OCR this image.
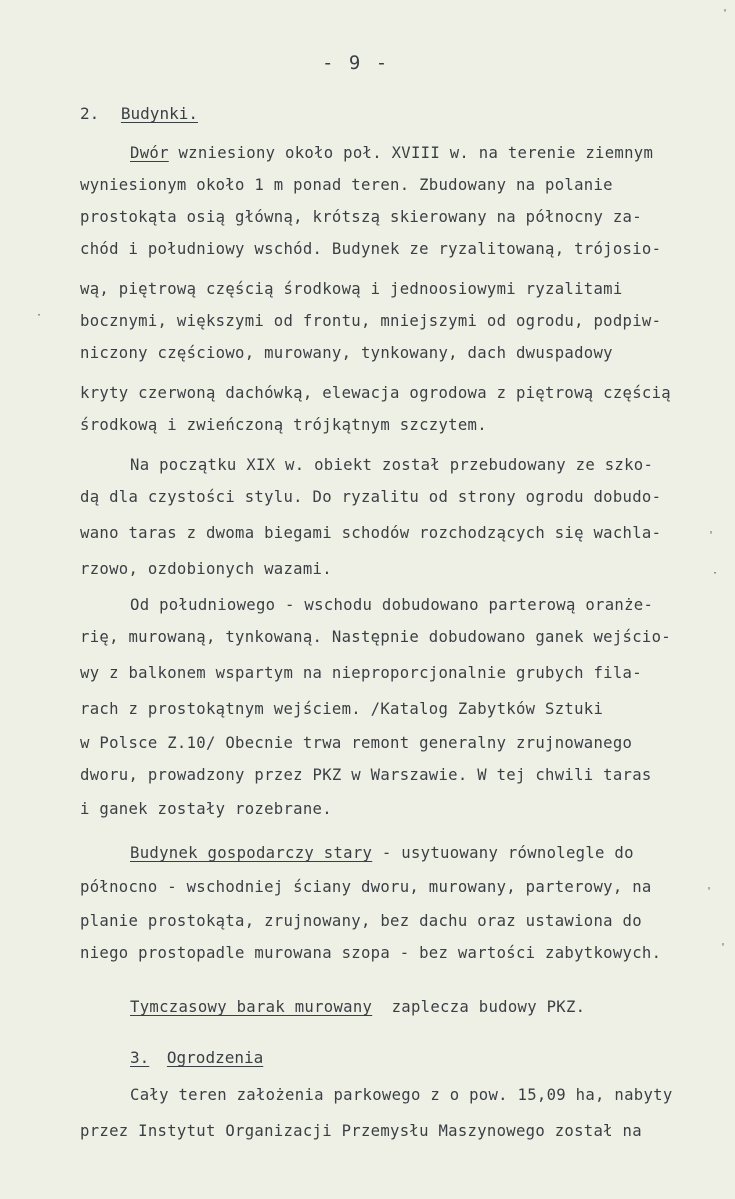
- 9 -
2. Budynki.
Dwór wzniesiony około poł. XVIII w. na terenie ziemnym
wyniesionym około 1 m ponad teren. Zbudowany na polanie
prostokąta osią główną, krótszą skierowany na północny za-
chód i południowy wschód. Budynek ze ryzalitowaną, trójosio-
wą, piętrową częścią środkową i jednoosiowymi ryzalitami
bocznymi, większymi od frontu, mniejszymi od ogrodu, podpiw-
niczony częściowo, murowany, tynkowany, dach dwuspadowy
kryty czerwoną dachówką, elewacja ogrodowa z piętrową częścią
środkową i zwieńczoną trójkątnym szczytem.
Na początku XIX w. obiekt został przebudowany ze szko-
dą dla czystości stylu. Do ryzalitu od strony ogrodu dobudo-
wano taras z dwoma biegami schodów rozchodzących się wachla-
rzowo, ozdobionych wazami.
Od południowego - wschodu dobudowano parterową oranże-
rię, murowaną, tynkowaną. Następnie dobudowano ganek wejścio-
wy z balkonem wspartym na nieproporcjonalnie grubych fila-
rach z prostokątnym wejściem. /Katalog Zabytków Sztuki
w Polsce Z.10/ Obecnie trwa remont generalny zrujnowanego
dworu, prowadzony przez PKZ w Warszawie. W tej chwili taras
i ganek zostały rozebrane.
Budynek gospodarczy stary - usytuowany równolegle do
północno - wschodniej ściany dworu, murowany, parterowy, na
planie prostokąta, zrujnowany, bez dachu oraz ustawiona do
niego prostopadle murowana szopa - bez wartości zabytkowych.
Tymczasowy barak murowany  zaplecza budowy PKZ.
3. Ogrodzenia
Cały teren założenia parkowego z o pow. 15,09 ha, nabyty
przez Instytut Organizacji Przemysłu Maszynowego został na
'
·
'
·
'
'
